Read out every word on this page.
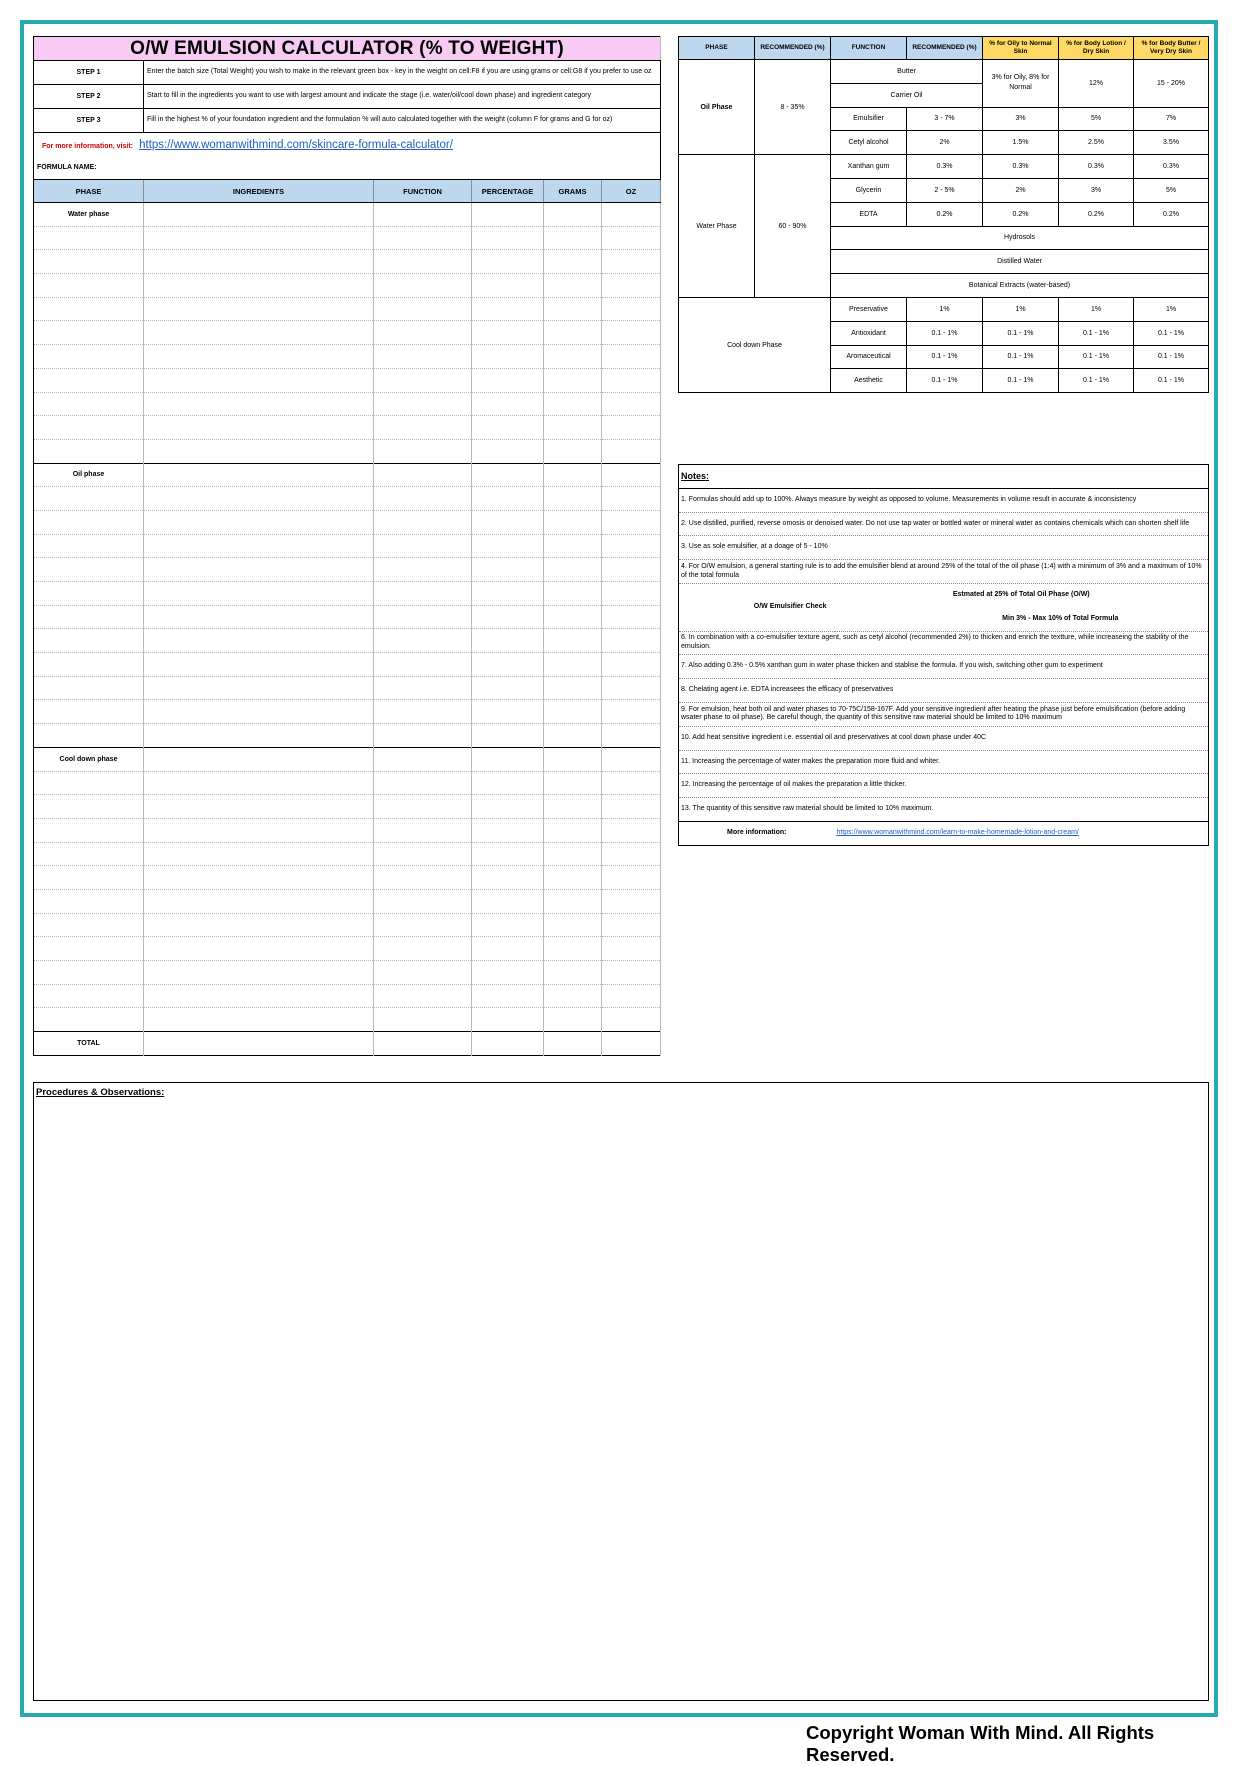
O/W EMULSION CALCULATOR (% TO WEIGHT)					
STEP 1	Enter the batch size (Total Weight) you wish to make in the relevant green box - key in the weight on cell:F8 if you are using grams or cell:G8 if you prefer to use oz				
STEP 2	Start to fill in the ingredients you want to use with largest amount and indicate the stage (i.e. water/oil/cool down phase) and ingredient category				
STEP 3	Fill in the highest % of your foundation ingredient and the formulation % will auto calculated together with the weight (column F for grams and G for oz)				
For more information, visit: https://www.womanwithmind.com/skincare-formula-calculator/					
FORMULA NAME:					
PHASE	INGREDIENTS	FUNCTION	PERCENTAGE	GRAMS	OZ
Water phase					

Oil phase					

Cool down phase					

TOTAL					
PHASE	RECOMMENDED (%)	FUNCTION	RECOMMENDED (%)	% for Oily to Normal Skin	% for Body Lotion / Dry Skin	% for Body Butter / Very Dry Skin
Oil Phase	8 - 35%	Butter		3% for Oily, 8% for Normal	12%	15 - 20%
		Carrier Oil				
		Emulsifier	3 - 7%	3%	5%	7%
		Cetyl alcohol	2%	1.5%	2.5%	3.5%
Water Phase	60 - 90%	Xanthan gum	0.3%	0.3%	0.3%	0.3%
		Glycerin	2 - 5%	2%	3%	5%
		EDTA	0.2%	0.2%	0.2%	0.2%
		Hydrosols				
		Distilled Water				
		Botanical Extracts (water-based)				
Cool down Phase		Preservative	1%	1%	1%	1%
		Antioxidant	0.1 - 1%	0.1 - 1%	0.1 - 1%	0.1 - 1%
		Aromaceutical	0.1 - 1%	0.1 - 1%	0.1 - 1%	0.1 - 1%
		Aesthetic	0.1 - 1%	0.1 - 1%	0.1 - 1%	0.1 - 1%
Notes:	
1. Formulas should add up to 100%. Always measure by weight as opposed to volume. Measurements in volume result in accurate & inconsistency	
2. Use distilled, purified, reverse omosis or denoised water. Do not use tap water or bottled water or mineral water as contains chemicals which can shorten shelf life	
3. Use as sole emulsifier, at a doage of 5 - 10%	
4. For O/W emulsion, a general starting rule is to add the emulsifier blend at around 25% of the total of the oil phase (1:4) with a minimum of 3% and a maximum of 10% of the total formula	
O/W Emulsifier Check	Estmated at 25% of Total Oil Phase (O/W)
	Min 3% - Max 10% of Total Formula
6. In combination with a co-emulsifier texture agent, such as cetyl alcohol (recommended 2%) to thicken and enrich the textture, while increaseing the stability of the emulsion.	
7. Also adding 0.3% - 0.5% xanthan gum in water phase thicken and stablise the formula. If you wish, switching other gum to experiment	
8. Chelating agent i.e. EDTA increasees the efficacy of preservatives	
9. For emulsion, heat both oil and water phases to 70-75C/158-167F. Add your sensitive ingredient after heating the phase just before emulsification (before adding wsater phase to oil phase). Be careful though, the quantity of this sensitive raw material should be limited to 10% maximum	
10. Add heat sensitive ingredient i.e. essential oil and preservatives at cool down phase under 40C	
11. Increasing the percentage of water makes the preparation more fluid and whiter.	
12. Increasing the percentage of oil makes the preparation a little thicker.	
13. The quantity of this sensitive raw material should be limited to 10% maximum.	
More information:	https://www.womanwithmind.com/learn-to-make-homemade-lotion-and-cream/
Procedures & Observations:
Copyright Woman With Mind. All Rights Reserved.
